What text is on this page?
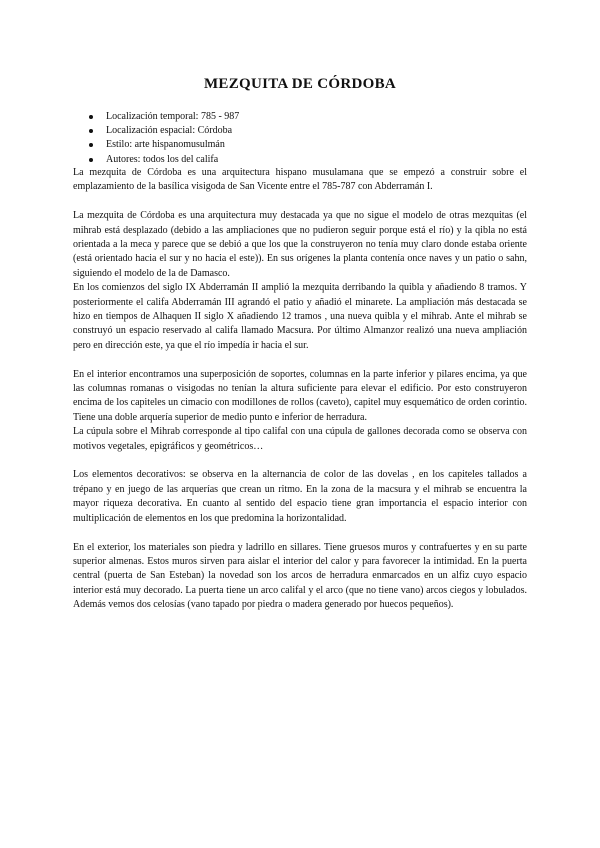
MEZQUITA DE CÓRDOBA
Localización temporal: 785 - 987
Localización espacial: Córdoba
Estilo: arte hispanomusulmán
Autores: todos los del califa

La mezquita de Córdoba es una arquitectura hispano musulamana que se empezó a construir sobre el emplazamiento de la basílica visigoda de San Vicente entre el 785-787 con Abderramán I.

La mezquita de Córdoba es una arquitectura muy destacada ya que no sigue el modelo de otras mezquitas (el mihrab está desplazado (debido a las ampliaciones que no pudieron seguir porque está el río) y la qibla no está orientada a la meca y parece que se debió a que los que la construyeron no tenía muy claro donde estaba oriente (está orientado hacia el sur y no hacia el este)). En sus orígenes la planta contenía once naves y un patio o sahn, siguiendo el modelo de la de Damasco.

En los comienzos del siglo IX Abderramán II amplió la mezquita derribando la quibla y añadiendo 8 tramos. Y posteriormente el califa Abderramán III agrandó el patio y añadió el minarete. La ampliación más destacada se hizo en tiempos de Alhaquen II siglo X añadiendo 12 tramos , una nueva quibla y el mihrab. Ante el mihrab se construyó un espacio reservado al califa llamado Macsura. Por último Almanzor realizó una nueva ampliación pero en dirección este, ya que el río impedía ir hacia el sur.

En el interior encontramos una superposición de soportes, columnas en la parte inferior y pilares encima, ya que las columnas romanas o visigodas no tenían la altura suficiente para elevar el edificio. Por esto construyeron encima de los capiteles un cimacio con modillones de rollos (caveto), capitel muy esquemático de orden corintio. Tiene una doble arquería superior de medio punto e inferior de herradura.

La cúpula sobre el Mihrab corresponde al tipo califal con una cúpula de gallones decorada como se observa con motivos vegetales, epigráficos y geométricos…

Los elementos decorativos: se observa en la alternancia de color de las dovelas , en los capiteles tallados a trépano y en juego de las arquerías que crean un ritmo. En la zona de la macsura y el mihrab se encuentra la mayor riqueza decorativa. En cuanto al sentido del espacio tiene gran importancia el espacio interior con multiplicación de elementos en los que predomina la horizontalidad.

En el exterior, los materiales son piedra y ladrillo en sillares. Tiene gruesos muros y contrafuertes y en su parte superior almenas. Estos muros sirven para aislar el interior del calor y para favorecer la intimidad. En la puerta central (puerta de San Esteban) la novedad son los arcos de herradura enmarcados en un alfiz cuyo espacio interior está muy decorado. La puerta tiene un arco califal y el arco (que no tiene vano) arcos ciegos y lobulados. Además vemos dos celosías (vano tapado por piedra o madera generado por huecos pequeños).
